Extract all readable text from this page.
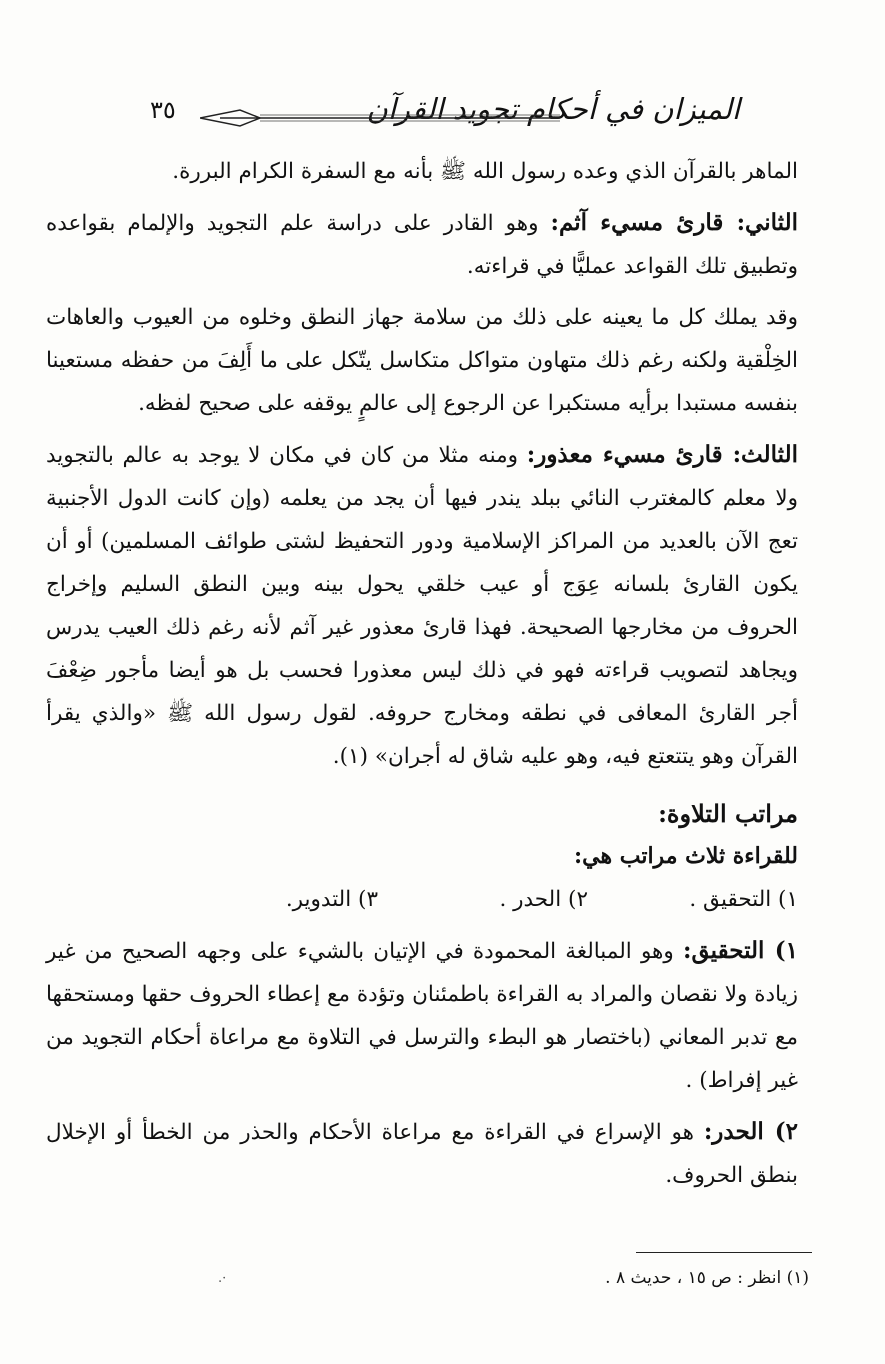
الميزان في أحكام تجويد القرآن
٣٥

الماهر بالقرآن الذي وعده رسول الله ﷺ بأنه مع السفرة الكرام البررة.

الثاني: قارئ مسيء آثم: وهو القادر على دراسة علم التجويد والإلمام بقواعده وتطبيق تلك القواعد عمليًّا في قراءته.

وقد يملك كل ما يعينه على ذلك من سلامة جهاز النطق وخلوه من العيوب والعاهات الخِلْقية ولكنه رغم ذلك متهاون متواكل متكاسل يتّكل على ما أَلِفَ من حفظه مستعينا بنفسه مستبدا برأيه مستكبرا عن الرجوع إلى عالمٍ يوقفه على صحيح لفظه.

الثالث: قارئ مسيء معذور: ومنه مثلا من كان في مكان لا يوجد به عالم بالتجويد ولا معلم كالمغترب النائي ببلد يندر فيها أن يجد من يعلمه (وإن كانت الدول الأجنبية تعج الآن بالعديد من المراكز الإسلامية ودور التحفيظ لشتى طوائف المسلمين) أو أن يكون القارئ بلسانه عِوَج أو عيب خلقي يحول بينه وبين النطق السليم وإخراج الحروف من مخارجها الصحيحة. فهذا قارئ معذور غير آثم لأنه رغم ذلك العيب يدرس ويجاهد لتصويب قراءته فهو في ذلك ليس معذورا فحسب بل هو أيضا مأجور ضِعْفَ أجر القارئ المعافى في نطقه ومخارج حروفه. لقول رسول الله ﷺ «والذي يقرأ القرآن وهو يتتعتع فيه، وهو عليه شاق له أجران» (١).

مراتب التلاوة:

للقراءة ثلاث مراتب هي:

١) التحقيق .
٢) الحدر .
٣) التدوير.

١) التحقيق: وهو المبالغة المحمودة في الإتيان بالشيء على وجهه الصحيح من غير زيادة ولا نقصان والمراد به القراءة باطمئنان وتؤدة مع إعطاء الحروف حقها ومستحقها مع تدبر المعاني (باختصار هو البطء والترسل في التلاوة مع مراعاة أحكام التجويد من غير إفراط) .

٢) الحدر: هو الإسراع في القراءة مع مراعاة الأحكام والحذر من الخطأ أو الإخلال بنطق الحروف.

(١) انظر : ص ١٥ ، حديث ٨ .
.·
